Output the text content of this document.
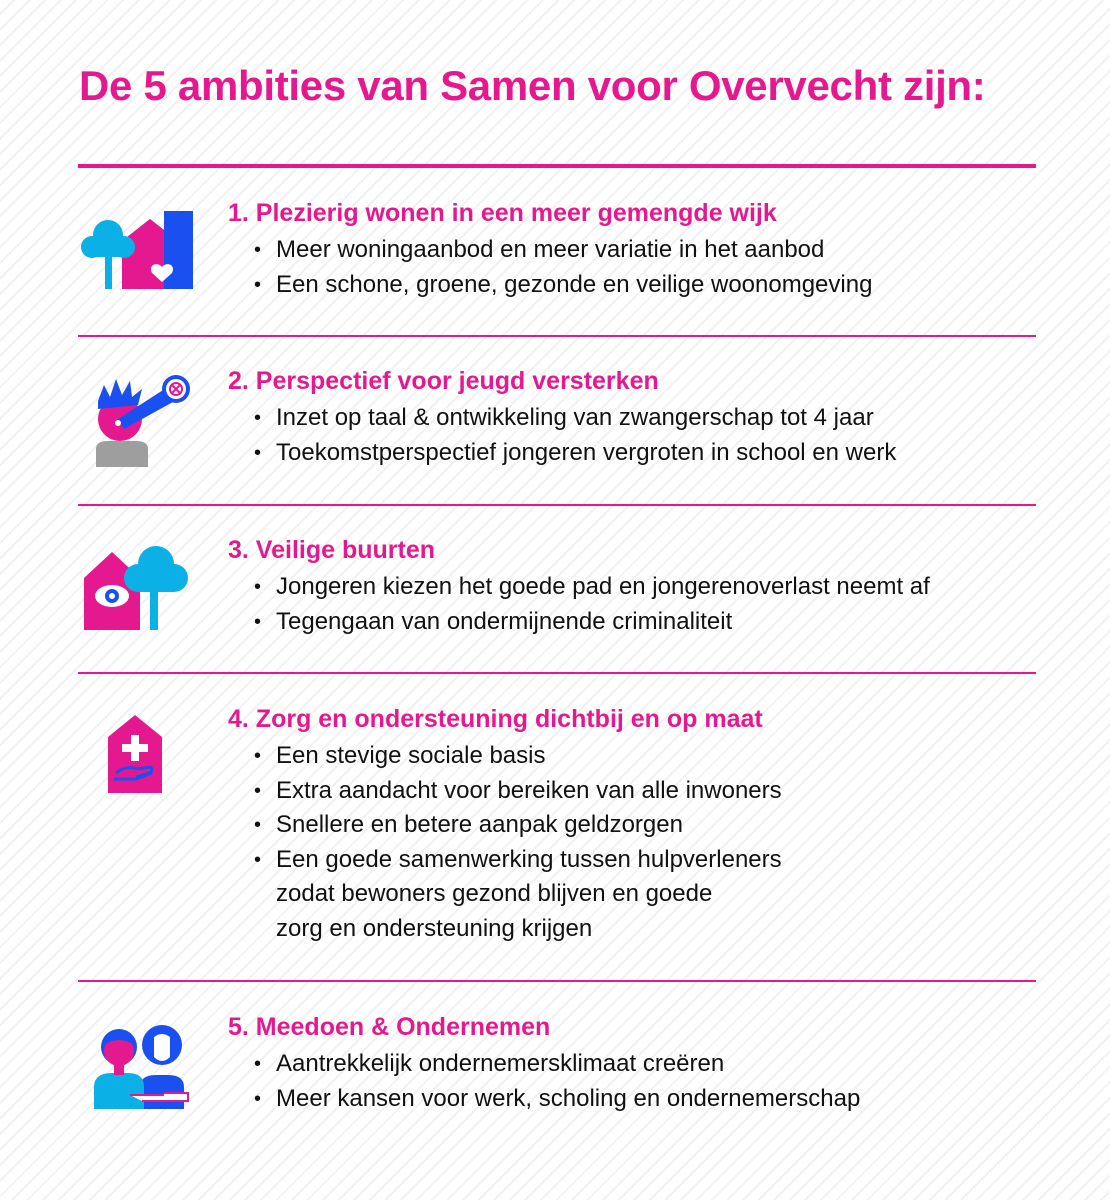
De 5 ambities van Samen voor Overvecht zijn:
1. Plezierig wonen in een meer gemengde wijk
• Meer woningaanbod en meer variatie in het aanbod
• Een schone, groene, gezonde en veilige woonomgeving
2. Perspectief voor jeugd versterken
• Inzet op taal & ontwikkeling van zwangerschap tot 4 jaar
• Toekomstperspectief jongeren vergroten in school en werk
3. Veilige buurten
• Jongeren kiezen het goede pad en jongerenoverlast neemt af
• Tegengaan van ondermijnende criminaliteit
4. Zorg en ondersteuning dichtbij en op maat
• Een stevige sociale basis
• Extra aandacht voor bereiken van alle inwoners
• Snellere en betere aanpak geldzorgen
• Een goede samenwerking tussen hulpverleners
zodat bewoners gezond blijven en goede
zorg en ondersteuning krijgen
5. Meedoen & Ondernemen
• Aantrekkelijk ondernemersklimaat creëren
• Meer kansen voor werk, scholing en ondernemerschap
